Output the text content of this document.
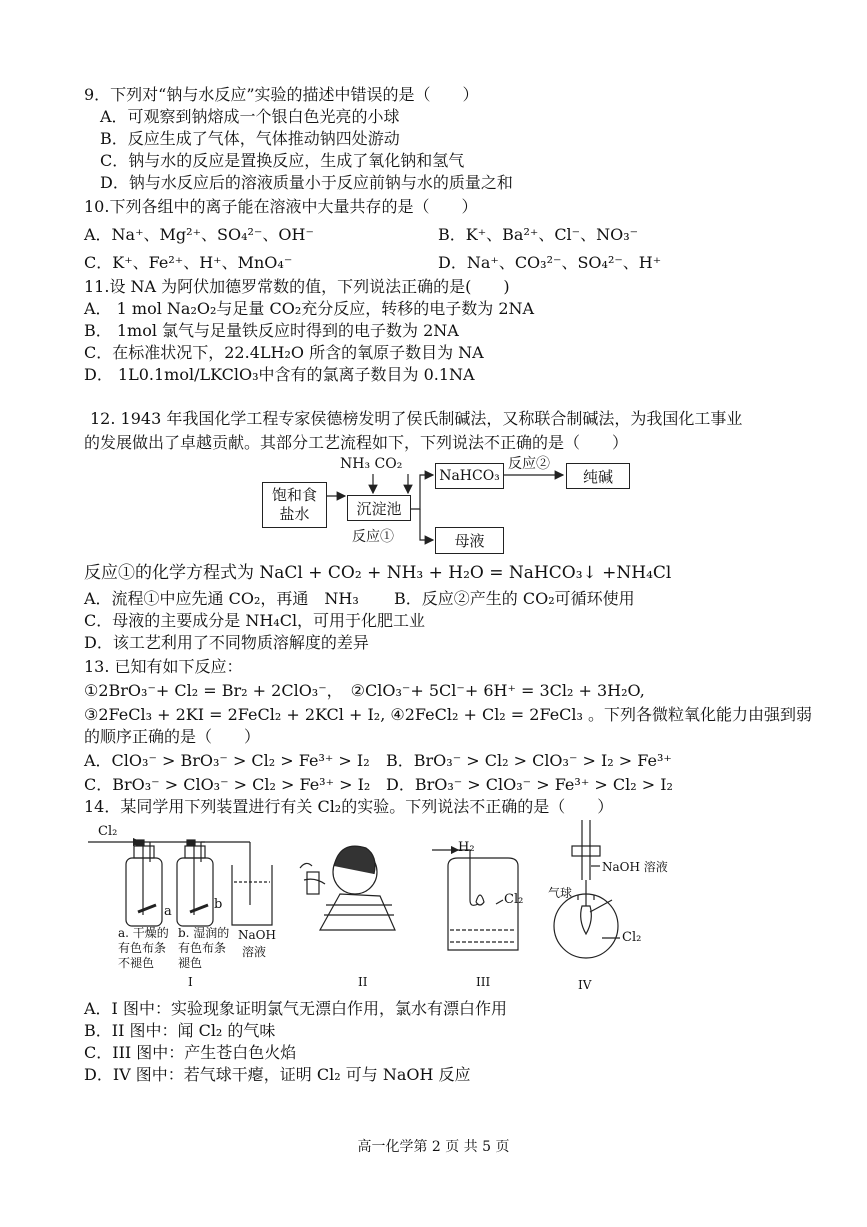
9．下列对“钠与水反应”实验的描述中错误的是（　　）
A．可观察到钠熔成一个银白色光亮的小球
B．反应生成了气体，气体推动钠四处游动
C．钠与水的反应是置换反应，生成了氧化钠和氢气
D．钠与水反应后的溶液质量小于反应前钠与水的质量之和
10.下列各组中的离子能在溶液中大量共存的是（　　）
A．Na⁺、Mg²⁺、SO₄²⁻、OH⁻	B．K⁺、Ba²⁺、Cl⁻、NO₃⁻
C．K⁺、Fe²⁺、H⁺、MnO₄⁻	D．Na⁺、CO₃²⁻、SO₄²⁻、H⁺
11.设 NA 为阿伏加德罗常数的值，下列说法正确的是(　　)
A． 1 mol Na₂O₂与足量 CO₂充分反应，转移的电子数为 2NA
B． 1mol 氯气与足量铁反应时得到的电子数为 2NA
C．在标准状况下，22.4LH₂O 所含的氧原子数目为 NA
D． 1L0.1mol/LKClO₃中含有的氯离子数目为 0.1NA
12. 1943 年我国化学工程专家侯德榜发明了侯氏制碱法，又称联合制碱法，为我国化工事业
的发展做出了卓越贡献。其部分工艺流程如下，下列说法不正确的是（　　）
NH₃ CO₂
饱和食
盐水	沉淀池
反应①
NaHCO₃
反应②
纯碱
母液
反应①的化学方程式为 NaCl + CO₂ + NH₃ + H₂O = NaHCO₃↓ +NH₄Cl
A．流程①中应先通 CO₂，再通　NH₃ B．反应②产生的 CO₂可循环使用
C．母液的主要成分是 NH₄Cl，可用于化肥工业
D．该工艺利用了不同物质溶解度的差异
13. 已知有如下反应：
①2BrO₃⁻+ Cl₂ = Br₂ + 2ClO₃⁻，　②ClO₃⁻+ 5Cl⁻+ 6H⁺ = 3Cl₂ + 3H₂O,
③2FeCl₃ + 2KI = 2FeCl₂ + 2KCl + I₂, ④2FeCl₂ + Cl₂ = 2FeCl₃ 。下列各微粒氧化能力由强到弱
的顺序正确的是（　　）
A．ClO₃⁻ > BrO₃⁻ > Cl₂ > Fe³⁺ > I₂ B．BrO₃⁻ > Cl₂ > ClO₃⁻ > I₂ > Fe³⁺
C．BrO₃⁻ > ClO₃⁻ > Cl₂ > Fe³⁺ > I₂ D．BrO₃⁻ > ClO₃⁻ > Fe³⁺ > Cl₂ > I₂
14．某同学用下列装置进行有关 Cl₂的实验。下列说法不正确的是（　　）
Cl₂
a	b
a. 干燥的
有色布条
不褪色
b. 湿润的
有色布条
褪色
NaOH
溶液
I	II
H₂
Cl₂
III
NaOH 溶液
气球
Cl₂
IV
A．I 图中：实验现象证明氯气无漂白作用，氯水有漂白作用
B．II 图中：闻 Cl₂ 的气味
C．III 图中：产生苍白色火焰
D．IV 图中：若气球干瘪，证明 Cl₂ 可与 NaOH 反应
高一化学第 2 页 共 5 页
